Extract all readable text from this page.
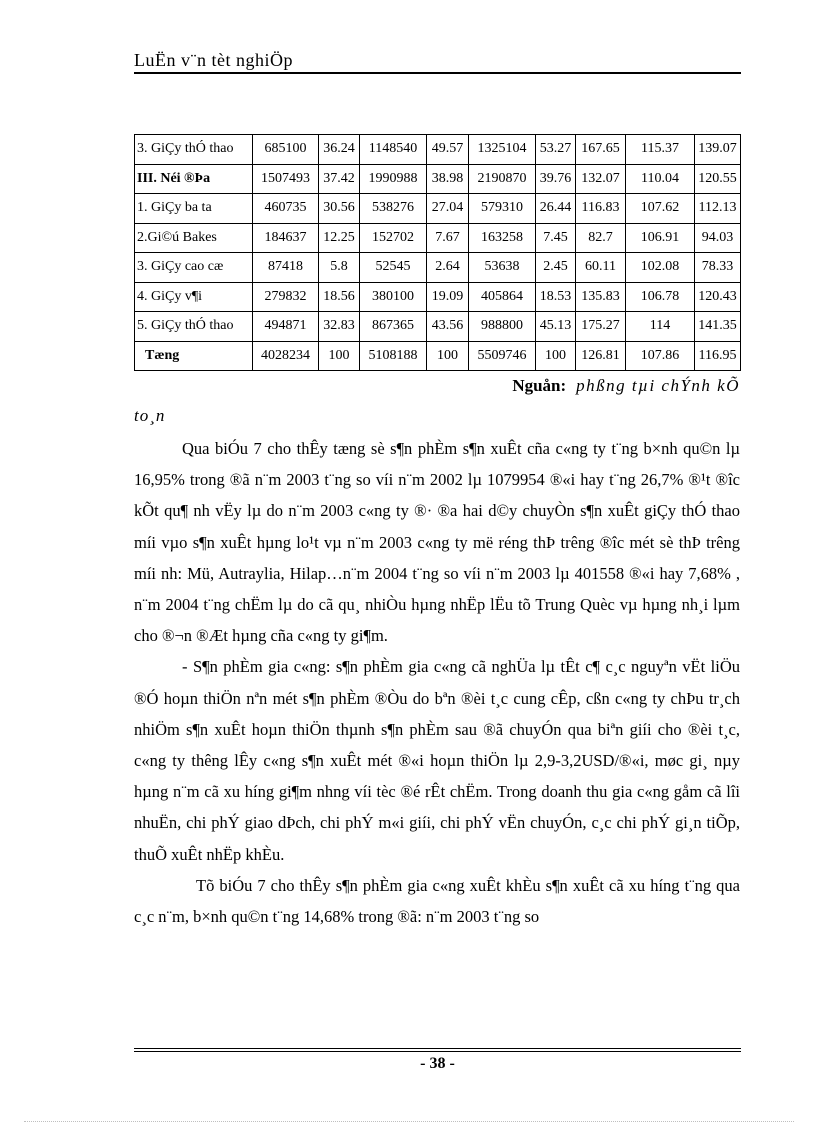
LuËn v¨n tèt nghiÖp
3. GiÇy thÓ thao	685100	36.24	1148540	49.57	1325104	53.27	167.65	115.37	139.07
III. Néi ®Þa	1507493	37.42	1990988	38.98	2190870	39.76	132.07	110.04	120.55
1. GiÇy ba ta	460735	30.56	538276	27.04	579310	26.44	116.83	107.62	112.13
2.Gi©ú Bakes	184637	12.25	152702	7.67	163258	7.45	82.7	106.91	94.03
3. GiÇy cao cæ	87418	5.8	52545	2.64	53638	2.45	60.11	102.08	78.33
4. GiÇy v¶i	279832	18.56	380100	19.09	405864	18.53	135.83	106.78	120.43
5. GiÇy thÓ thao	494871	32.83	867365	43.56	988800	45.13	175.27	114	141.35
Tæng	4028234	100	5108188	100	5509746	100	126.81	107.86	116.95
Nguån: phßng tµi chÝnh kÕ
to¸n

Qua biÓu 7 cho thÊy tæng sè s¶n phÈm s¶n xuÊt cña c«ng ty t¨ng b×nh qu©n lµ 16,95% trong ®ã n¨m 2003 t¨ng so víi n¨m 2002 lµ 1079954 ®«i hay t¨ng 26,7% ®¹t ®îc kÕt qu¶ nh vËy lµ do n¨m 2003 c«ng ty ®· ®a hai d©y chuyÒn s¶n xuÊt giÇy thÓ thao míi vµo s¶n xuÊt hµng lo¹t vµ n¨m 2003 c«ng ty më réng thÞ trêng ®îc mét sè thÞ trêng míi nh: Mü, Autraylia, Hilap…n¨m 2004 t¨ng so víi n¨m 2003 lµ 401558 ®«i hay 7,68% , n¨m 2004 t¨ng chËm lµ do cã qu¸ nhiÒu hµng nhËp lËu tõ Trung Quèc vµ hµng nh¸i lµm cho ®¬n ®Æt hµng cña c«ng ty gi¶m.

- S¶n phÈm gia c«ng: s¶n phÈm gia c«ng cã nghÜa lµ tÊt c¶ c¸c nguyªn vËt liÖu ®Ó hoµn thiÖn nªn mét s¶n phÈm ®Òu do bªn ®èi t¸c cung cÊp, cßn c«ng ty chÞu tr¸ch nhiÖm s¶n xuÊt hoµn thiÖn thµnh s¶n phÈm sau ®ã chuyÓn qua biªn giíi cho ®èi t¸c, c«ng ty thêng lÊy c«ng s¶n xuÊt mét ®«i hoµn thiÖn lµ 2,9-3,2USD/®«i, møc gi¸ nµy hµng n¨m cã xu híng gi¶m nhng víi tèc ®é rÊt chËm. Trong doanh thu gia c«ng gåm cã lîi nhuËn, chi phÝ giao dÞch, chi phÝ m«i giíi, chi phÝ vËn chuyÓn, c¸c chi phÝ gi¸n tiÕp, thuÕ xuÊt nhËp khÈu.

Tõ biÓu 7 cho thÊy s¶n phÈm gia c«ng xuÊt khÈu s¶n xuÊt cã xu híng t¨ng qua c¸c n¨m, b×nh qu©n t¨ng 14,68% trong ®ã: n¨m 2003 t¨ng so

- 38 -
